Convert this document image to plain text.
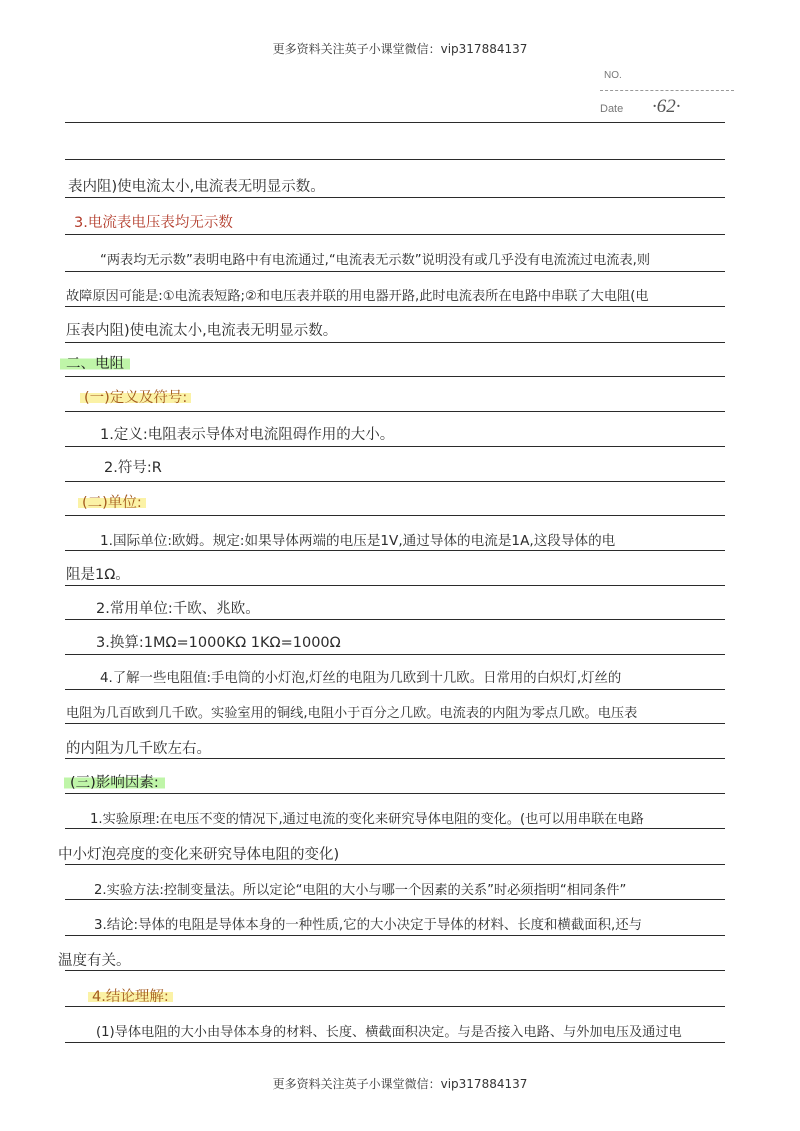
更多资料关注英子小课堂微信：vip317884137
NO.
Date ·62·
表内阻)使电流太小,电流表无明显示数。
3.电流表电压表均无示数
“两表均无示数”表明电路中有电流通过,“电流表无示数”说明没有或几乎没有电流流过电流表,则
故障原因可能是:①电流表短路;②和电压表并联的用电器开路,此时电流表所在电路中串联了大电阻(电
压表内阻)使电流太小,电流表无明显示数。
二、电阻
(一)定义及符号:
1.定义:电阻表示导体对电流阻碍作用的大小。
2.符号:R
(二)单位:
1.国际单位:欧姆。规定:如果导体两端的电压是1V,通过导体的电流是1A,这段导体的电
阻是1Ω。
2.常用单位:千欧、兆欧。
3.换算:1MΩ=1000KΩ 1KΩ=1000Ω
4.了解一些电阻值:手电筒的小灯泡,灯丝的电阻为几欧到十几欧。日常用的白炽灯,灯丝的
电阻为几百欧到几千欧。实验室用的铜线,电阻小于百分之几欧。电流表的内阻为零点几欧。电压表
的内阻为几千欧左右。
(三)影响因素:
1.实验原理:在电压不变的情况下,通过电流的变化来研究导体电阻的变化。(也可以用串联在电路
中小灯泡亮度的变化来研究导体电阻的变化)
2.实验方法:控制变量法。所以定论“电阻的大小与哪一个因素的关系”时必须指明“相同条件”
3.结论:导体的电阻是导体本身的一种性质,它的大小决定于导体的材料、长度和横截面积,还与
温度有关。
4.结论理解:
(1)导体电阻的大小由导体本身的材料、长度、横截面积决定。与是否接入电路、与外加电压及通过电
更多资料关注英子小课堂微信：vip317884137
